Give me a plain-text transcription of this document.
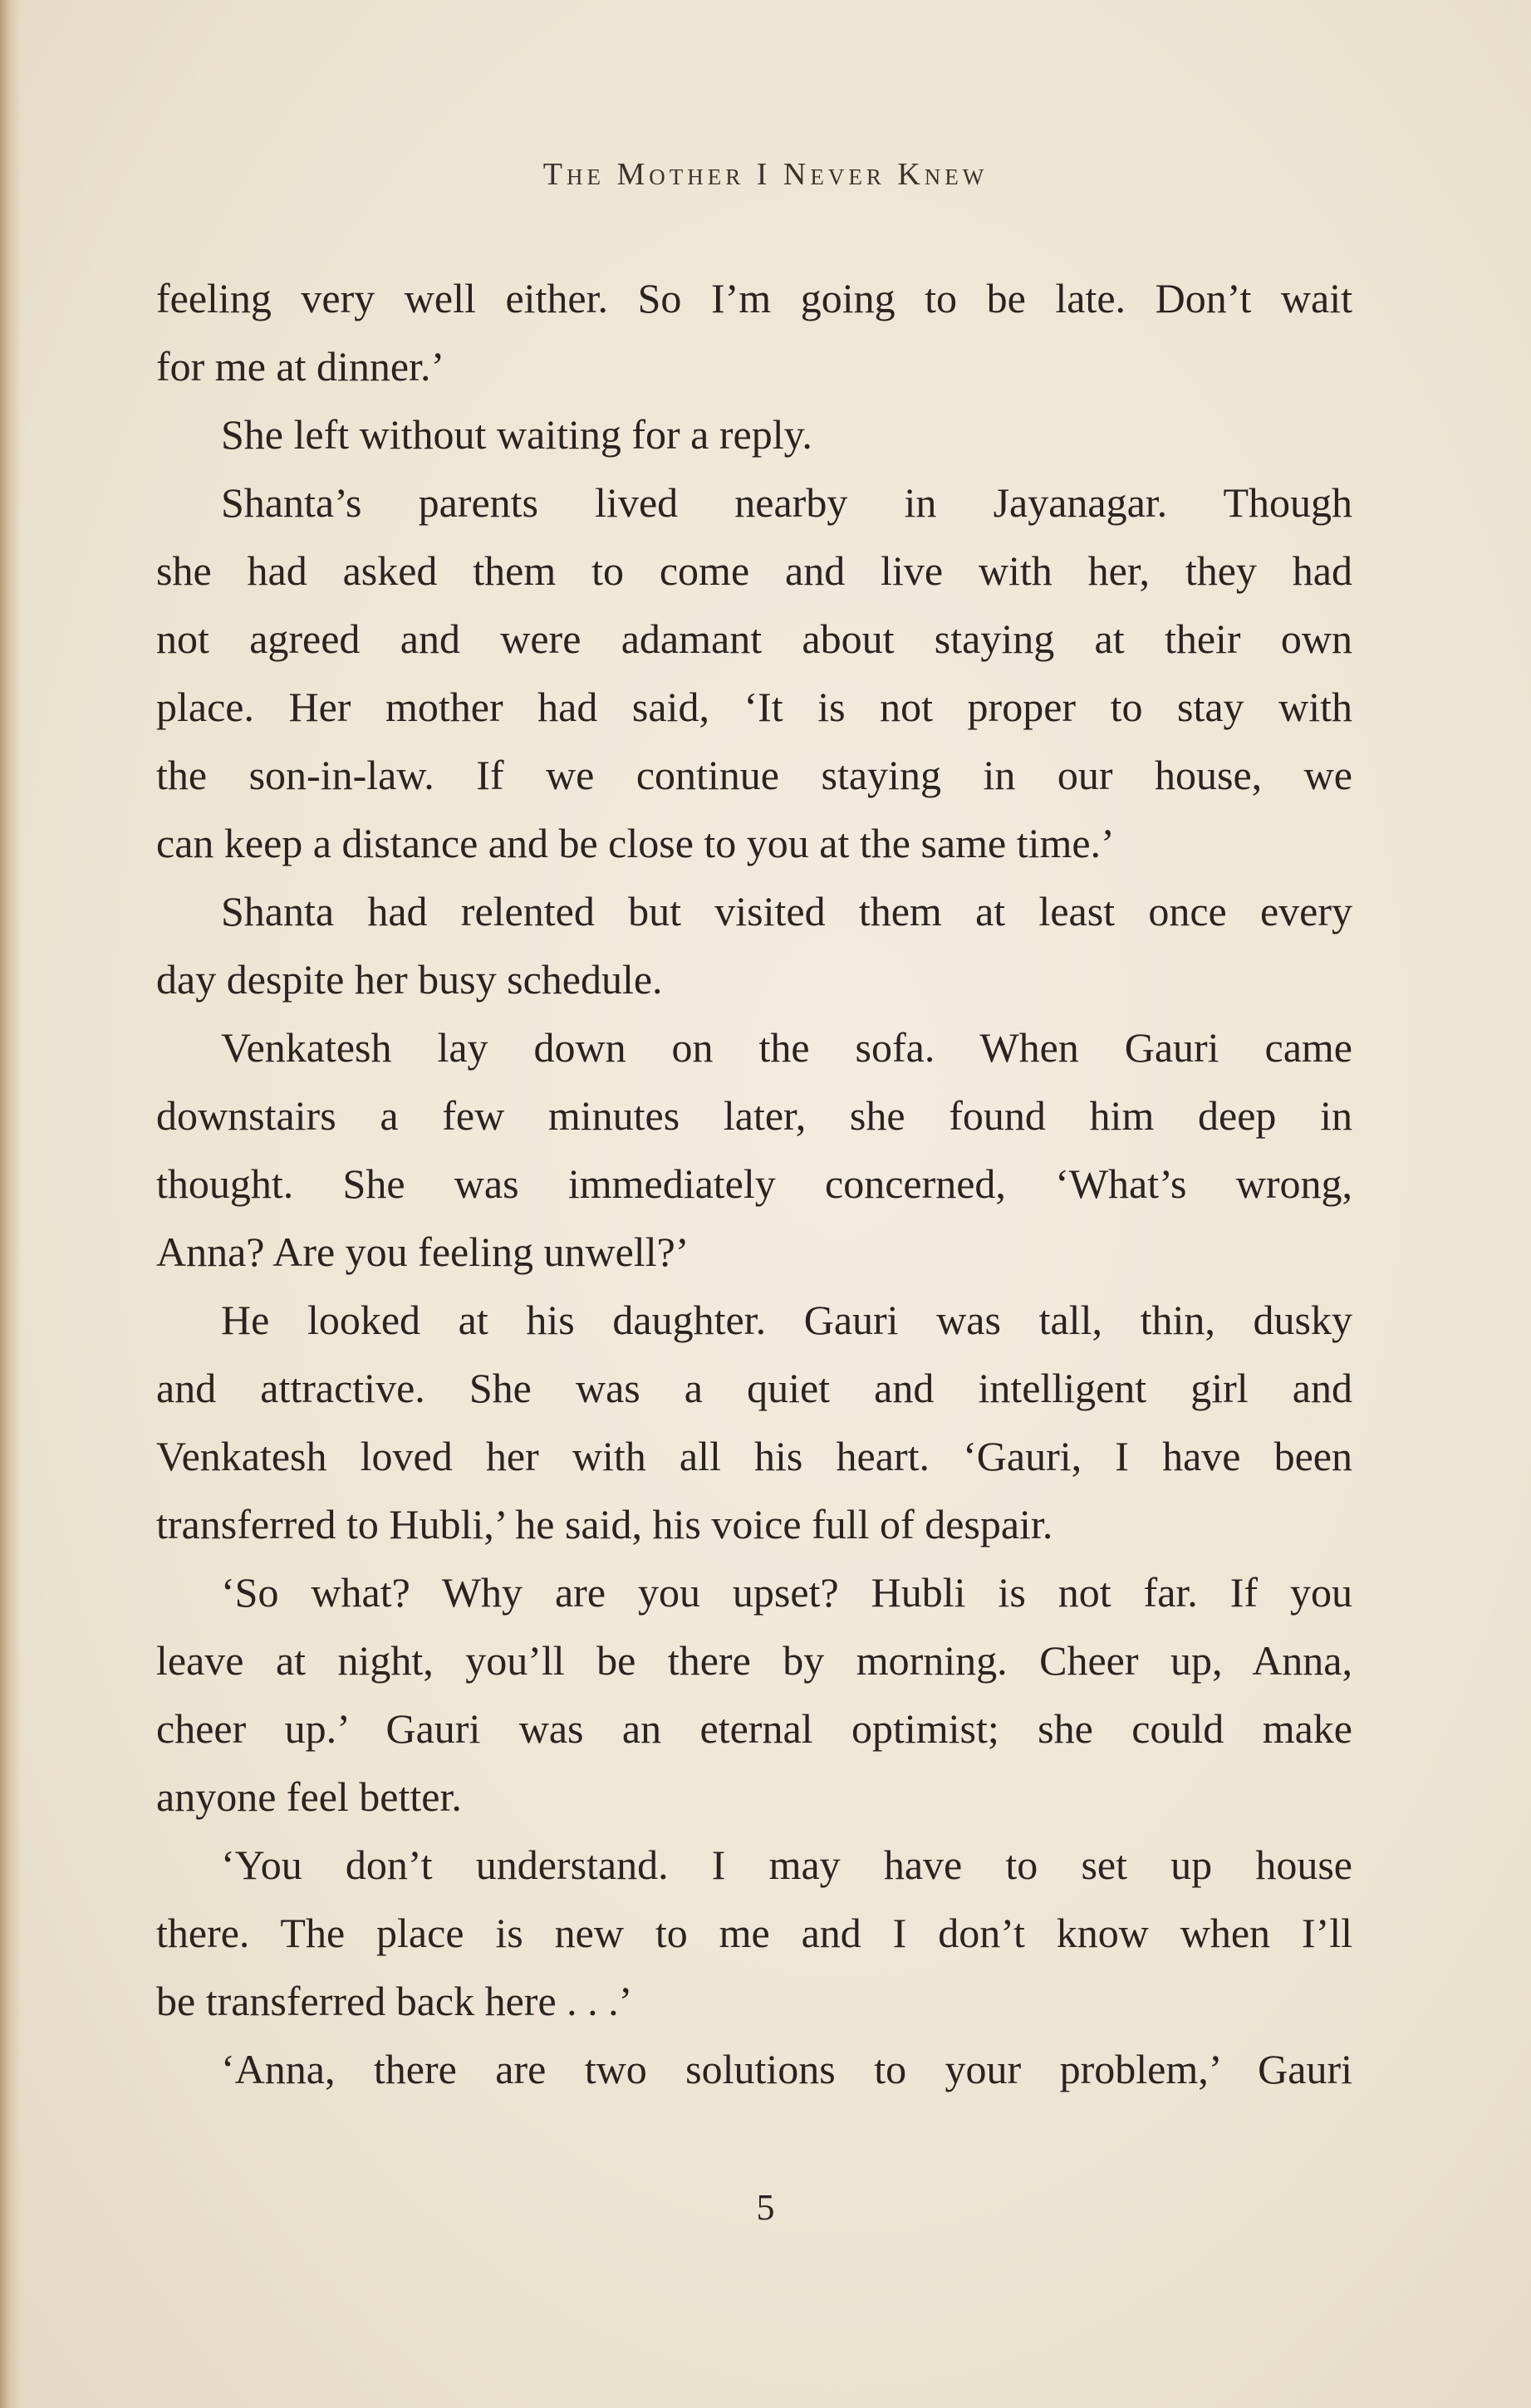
The Mother I Never Knew
feeling very well either. So I’m going to be late. Don’t wait
for me at dinner.’
She left without waiting for a reply.
Shanta’s parents lived nearby in Jayanagar. Though
she had asked them to come and live with her, they had
not agreed and were adamant about staying at their own
place. Her mother had said, ‘It is not proper to stay with
the son-in-law. If we continue staying in our house, we
can keep a distance and be close to you at the same time.’
Shanta had relented but visited them at least once every
day despite her busy schedule.
Venkatesh lay down on the sofa. When Gauri came
downstairs a few minutes later, she found him deep in
thought. She was immediately concerned, ‘What’s wrong,
Anna? Are you feeling unwell?’
He looked at his daughter. Gauri was tall, thin, dusky
and attractive. She was a quiet and intelligent girl and
Venkatesh loved her with all his heart. ‘Gauri, I have been
transferred to Hubli,’ he said, his voice full of despair.
‘So what? Why are you upset? Hubli is not far. If you
leave at night, you’ll be there by morning. Cheer up, Anna,
cheer up.’ Gauri was an eternal optimist; she could make
anyone feel better.
‘You don’t understand. I may have to set up house
there. The place is new to me and I don’t know when I’ll
be transferred back here . . .’
‘Anna, there are two solutions to your problem,’ Gauri
5
